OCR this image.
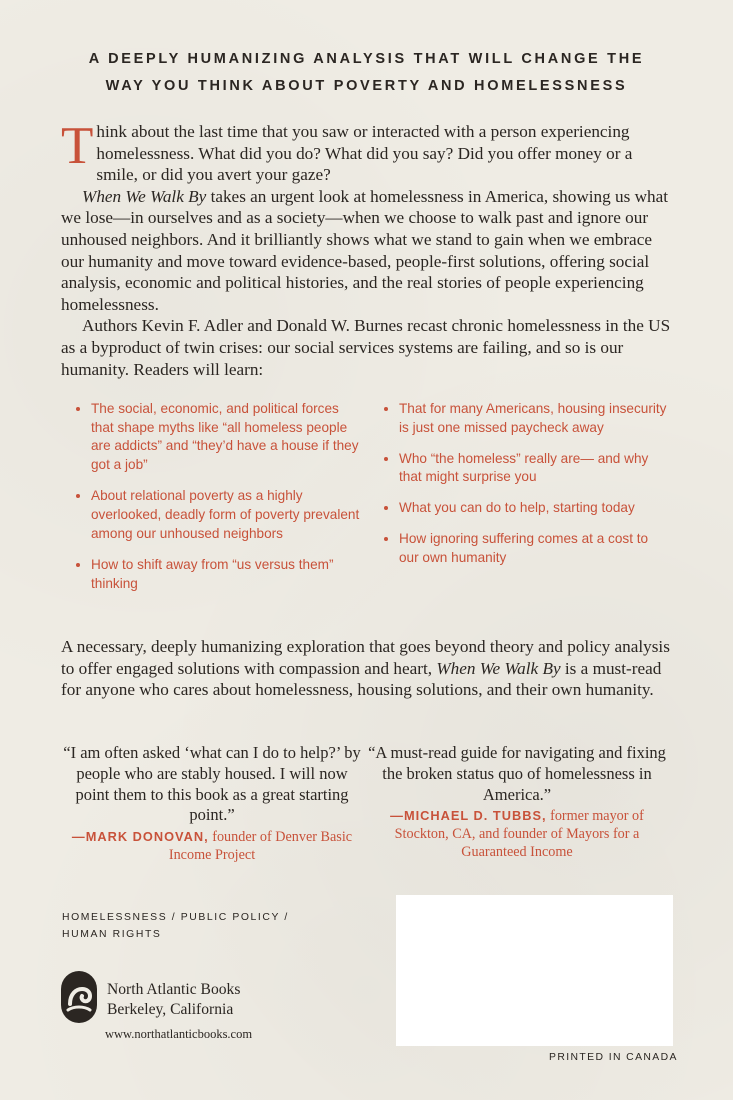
A DEEPLY HUMANIZING ANALYSIS THAT WILL CHANGE THE
WAY YOU THINK ABOUT POVERTY AND HOMELESSNESS

Think about the last time that you saw or interacted with a person experiencing homelessness. What did you do? What did you say? Did you offer money or a smile, or did you avert your gaze?

When We Walk By takes an urgent look at homelessness in America, showing us what we lose—in ourselves and as a society—when we choose to walk past and ignore our unhoused neighbors. And it brilliantly shows what we stand to gain when we embrace our humanity and move toward evidence-based, people-first solutions, offering social analysis, economic and political histories, and the real stories of people experiencing homelessness.

Authors Kevin F. Adler and Donald W. Burnes recast chronic homelessness in the US as a byproduct of twin crises: our social services systems are failing, and so is our humanity. Readers will learn:

The social, economic, and political forces that shape myths like “all homeless people are addicts” and “they’d have a house if they got a job”
About relational poverty as a highly overlooked, deadly form of poverty prevalent among our unhoused neighbors
How to shift away from “us versus them” thinking
That for many Americans, housing insecurity is just one missed paycheck away
Who “the homeless” really are— and why that might surprise you
What you can do to help, starting today
How ignoring suffering comes at a cost to our own humanity
A necessary, deeply humanizing exploration that goes beyond theory and policy analysis to offer engaged solutions with compassion and heart, When We Walk By is a must-read for anyone who cares about homelessness, housing solutions, and their own humanity.
“I am often asked ‘what can I do to help?’ by people who are stably housed. I will now point them to this book as a great starting point.”
—MARK DONOVAN, founder of Denver Basic Income Project
“A must-read guide for navigating and fixing the broken status quo of homelessness in America.”
—MICHAEL D. TUBBS, former mayor of Stockton, CA, and founder of Mayors for a Guaranteed Income
HOMELESSNESS / PUBLIC POLICY /
HUMAN RIGHTS
North Atlantic Books
Berkeley, California
www.northatlanticbooks.com
PRINTED IN CANADA
